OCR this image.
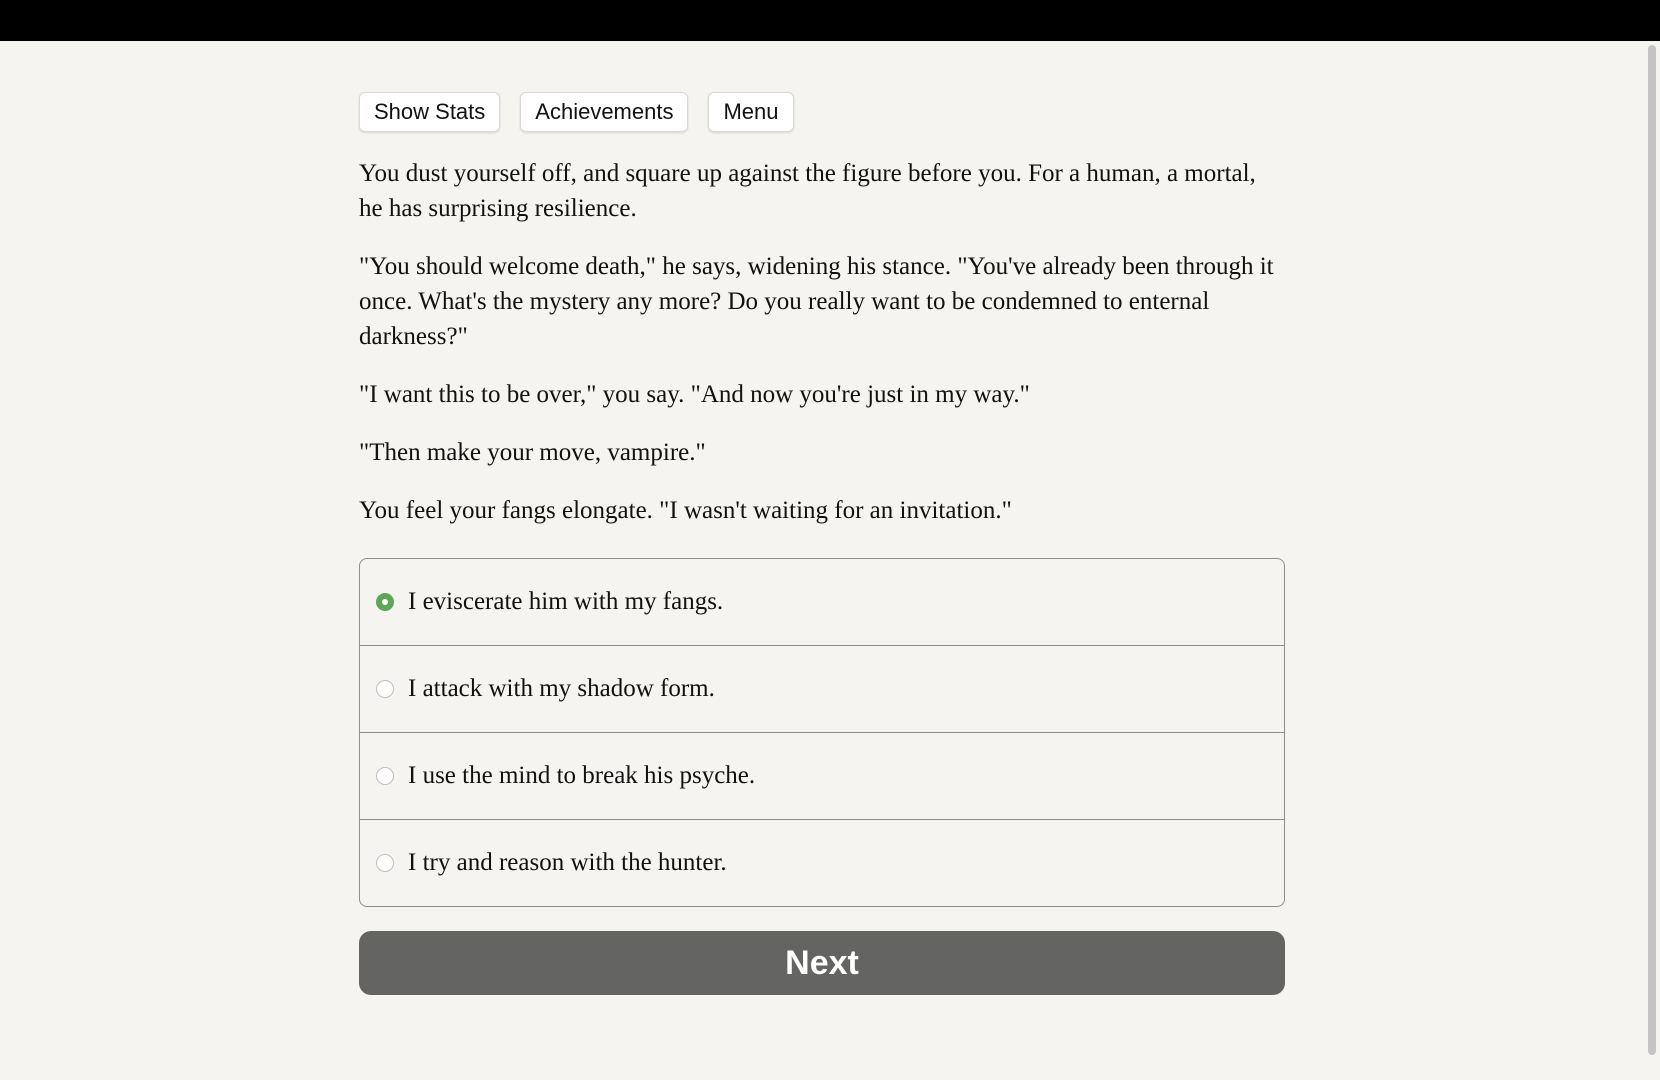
Show Stats	Achievements	Menu

You dust yourself off, and square up against the figure before you. For a human, a mortal, he has surprising resilience.

"You should welcome death," he says, widening his stance. "You've already been through it once. What's the mystery any more? Do you really want to be condemned to enternal darkness?"

"I want this to be over," you say. "And now you're just in my way."

"Then make your move, vampire."

You feel your fangs elongate. "I wasn't waiting for an invitation."

I eviscerate him with my fangs.
I attack with my shadow form.
I use the mind to break his psyche.
I try and reason with the hunter.
Next
